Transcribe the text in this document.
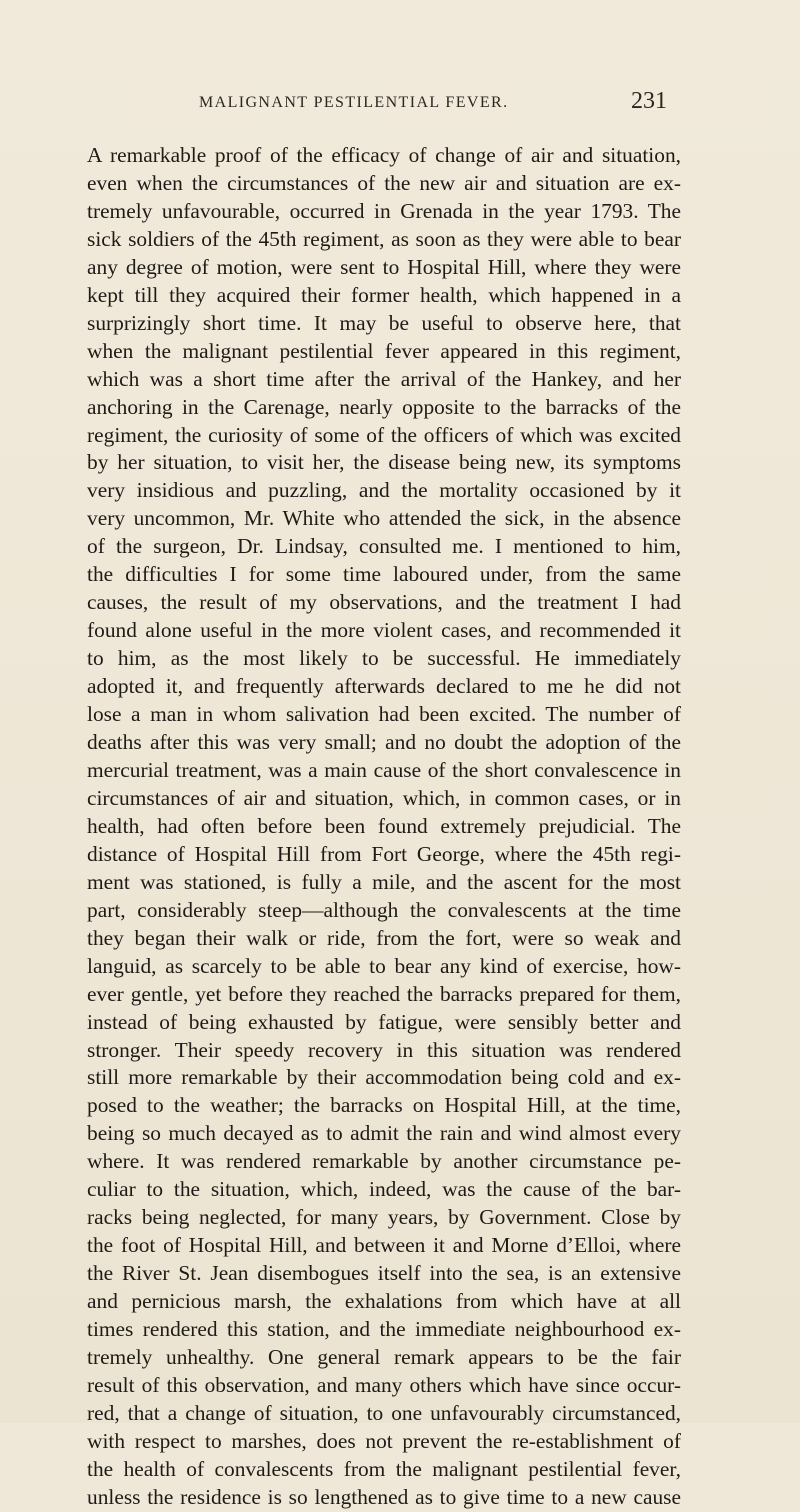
MALIGNANT PESTILENTIAL FEVER.	231
A remarkable proof of the efficacy of change of air and situation,
even when the circumstances of the new air and situation are ex-
tremely unfavourable, occurred in Grenada in the year 1793. The
sick soldiers of the 45th regiment, as soon as they were able to bear
any degree of motion, were sent to Hospital Hill, where they were
kept till they acquired their former health, which happened in a
surprizingly short time. It may be useful to observe here, that
when the malignant pestilential fever appeared in this regiment,
which was a short time after the arrival of the Hankey, and her
anchoring in the Carenage, nearly opposite to the barracks of the
regiment, the curiosity of some of the officers of which was excited
by her situation, to visit her, the disease being new, its symptoms
very insidious and puzzling, and the mortality occasioned by it
very uncommon, Mr. White who attended the sick, in the absence
of the surgeon, Dr. Lindsay, consulted me. I mentioned to him,
the difficulties I for some time laboured under, from the same
causes, the result of my observations, and the treatment I had
found alone useful in the more violent cases, and recommended it
to him, as the most likely to be successful. He immediately
adopted it, and frequently afterwards declared to me he did not
lose a man in whom salivation had been excited. The number of
deaths after this was very small; and no doubt the adoption of the
mercurial treatment, was a main cause of the short convalescence in
circumstances of air and situation, which, in common cases, or in
health, had often before been found extremely prejudicial. The
distance of Hospital Hill from Fort George, where the 45th regi-
ment was stationed, is fully a mile, and the ascent for the most
part, considerably steep—although the convalescents at the time
they began their walk or ride, from the fort, were so weak and
languid, as scarcely to be able to bear any kind of exercise, how-
ever gentle, yet before they reached the barracks prepared for them,
instead of being exhausted by fatigue, were sensibly better and
stronger. Their speedy recovery in this situation was rendered
still more remarkable by their accommodation being cold and ex-
posed to the weather; the barracks on Hospital Hill, at the time,
being so much decayed as to admit the rain and wind almost every
where. It was rendered remarkable by another circumstance pe-
culiar to the situation, which, indeed, was the cause of the bar-
racks being neglected, for many years, by Government. Close by
the foot of Hospital Hill, and between it and Morne d’Elloi, where
the River St. Jean disembogues itself into the sea, is an extensive
and pernicious marsh, the exhalations from which have at all
times rendered this station, and the immediate neighbourhood ex-
tremely unhealthy. One general remark appears to be the fair
result of this observation, and many others which have since occur-
red, that a change of situation, to one unfavourably circumstanced,
with respect to marshes, does not prevent the re-establishment of
the health of convalescents from the malignant pestilential fever,
unless the residence is so lengthened as to give time to a new cause
